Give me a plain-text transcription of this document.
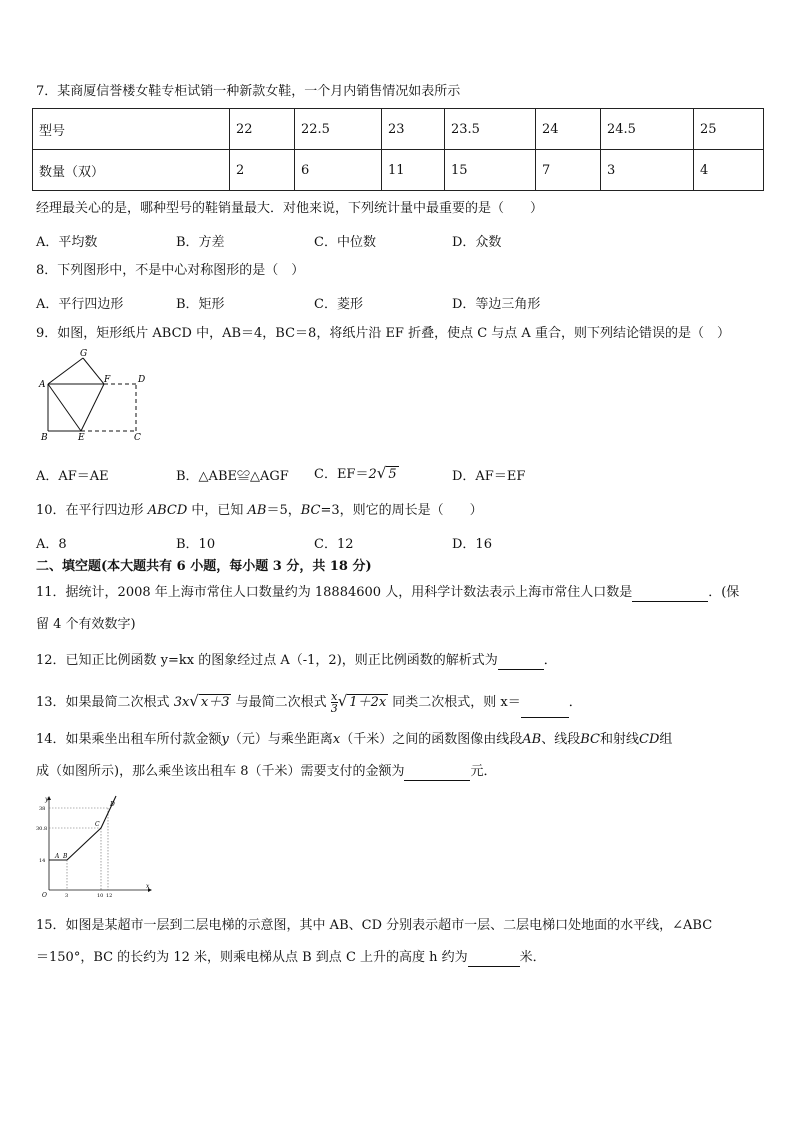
7．某商厦信誉楼女鞋专柜试销一种新款女鞋，一个月内销售情况如表所示
型号	22	22.5	23	23.5	24	24.5	25
数量（双）	2	6	11	15	7	3	4
经理最关心的是，哪种型号的鞋销量最大．对他来说，下列统计量中最重要的是（　　）
A．平均数	B．方差	C．中位数	D．众数
8．下列图形中，不是中心对称图形的是（　）
A．平行四边形	B．矩形	C．菱形	D．等边三角形
9．如图，矩形纸片 ABCD 中，AB＝4，BC＝8，将纸片沿 EF 折叠，使点 C 与点 A 重合，则下列结论错误的是（　）
G
A	F	D
B	E	C
A．AF＝AE	B．△ABE≌△AGF C．EF＝2√ 5	D．AF＝EF
10．在平行四边形 ABCD 中，已知 AB＝5，BC=3，则它的周长是（　　）
A．8	B．10	C．12	D．16
二、填空题(本大题共有 6 小题，每小题 3 分，共 18 分)
11．据统计，2008 年上海市常住人口数量约为 18884600 人，用科学计数法表示上海市常住人口数是	．(保
留 4 个有效数字)
12．已知正比例函数 y=kx 的图象经过点 A（-1，2)，则正比例函数的解析式为	．
13．如果最简二次根式 3x√ x＋3 与最简二次根式 $\frac{x}{3}$ √ 1＋2x 同类二次根式，则 x＝	．
14．如果乘坐出租车所付款金额y（元）与乘坐距离x（千米）之间的函数图像由线段AB、线段BC和射线CD组
成（如图所示)，那么乘坐该出租车 8（千米）需要支付的金额为	元．
y
x
O
38
30.8
14
3	10 12
A B
C
D
15．如图是某超市一层到二层电梯的示意图，其中 AB、CD 分别表示超市一层、二层电梯口处地面的水平线，∠ABC
＝150°，BC 的长约为 12 米，则乘电梯从点 B 到点 C 上升的高度 h 约为	米．
